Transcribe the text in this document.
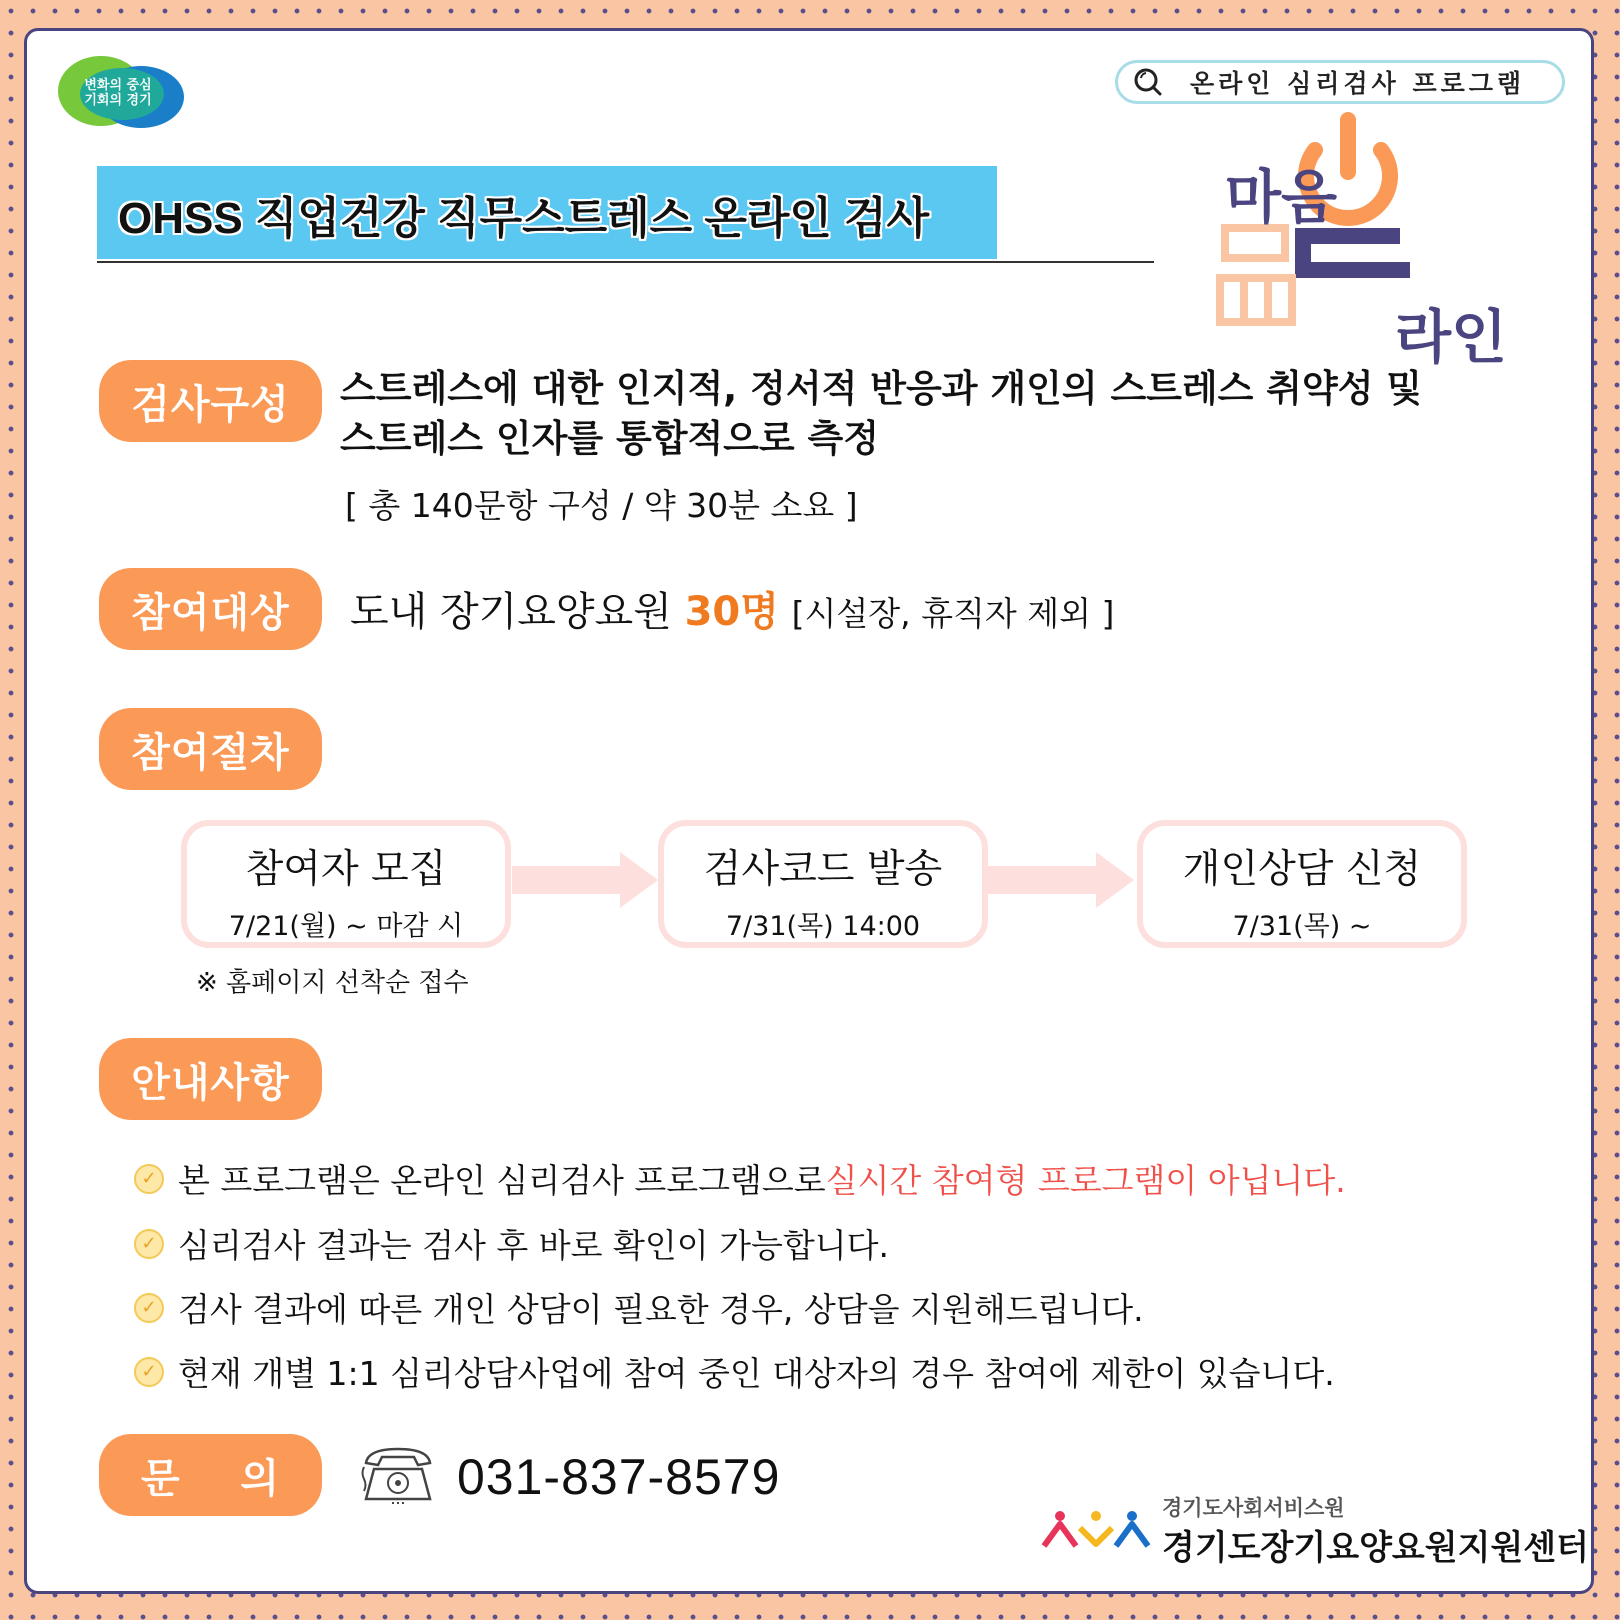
변화의 중심
기회의 경기
온라인 심리검사 프로그램
OHSS 직업건강 직무스트레스 온라인 검사	마음
라인
검사구성	스트레스에 대한 인지적, 정서적 반응과 개인의 스트레스 취약성 및
스트레스 인자를 통합적으로 측정
[ 총 140문항 구성 / 약 30분 소요 ]
참여대상	도내 장기요양요원 30명 [시설장, 휴직자 제외 ]
참여절차
참여자 모집
7/21(월) ~ 마감 시
검사코드 발송
7/31(목) 14:00
개인상담 신청
7/31(목) ~
※ 홈페이지 선착순 접수
안내사항
✓ 본 프로그램은 온라인 심리검사 프로그램으로 실시간 참여형 프로그램이 아닙니다.
✓ 심리검사 결과는 검사 후 바로 확인이 가능합니다.
✓ 검사 결과에 따른 개인 상담이 필요한 경우, 상담을 지원해드립니다.
✓ 현재 개별 1:1 심리상담사업에 참여 중인 대상자의 경우 참여에 제한이 있습니다.
문    의	031-837-8579
경기도사회서비스원
경기도장기요양요원지원센터
